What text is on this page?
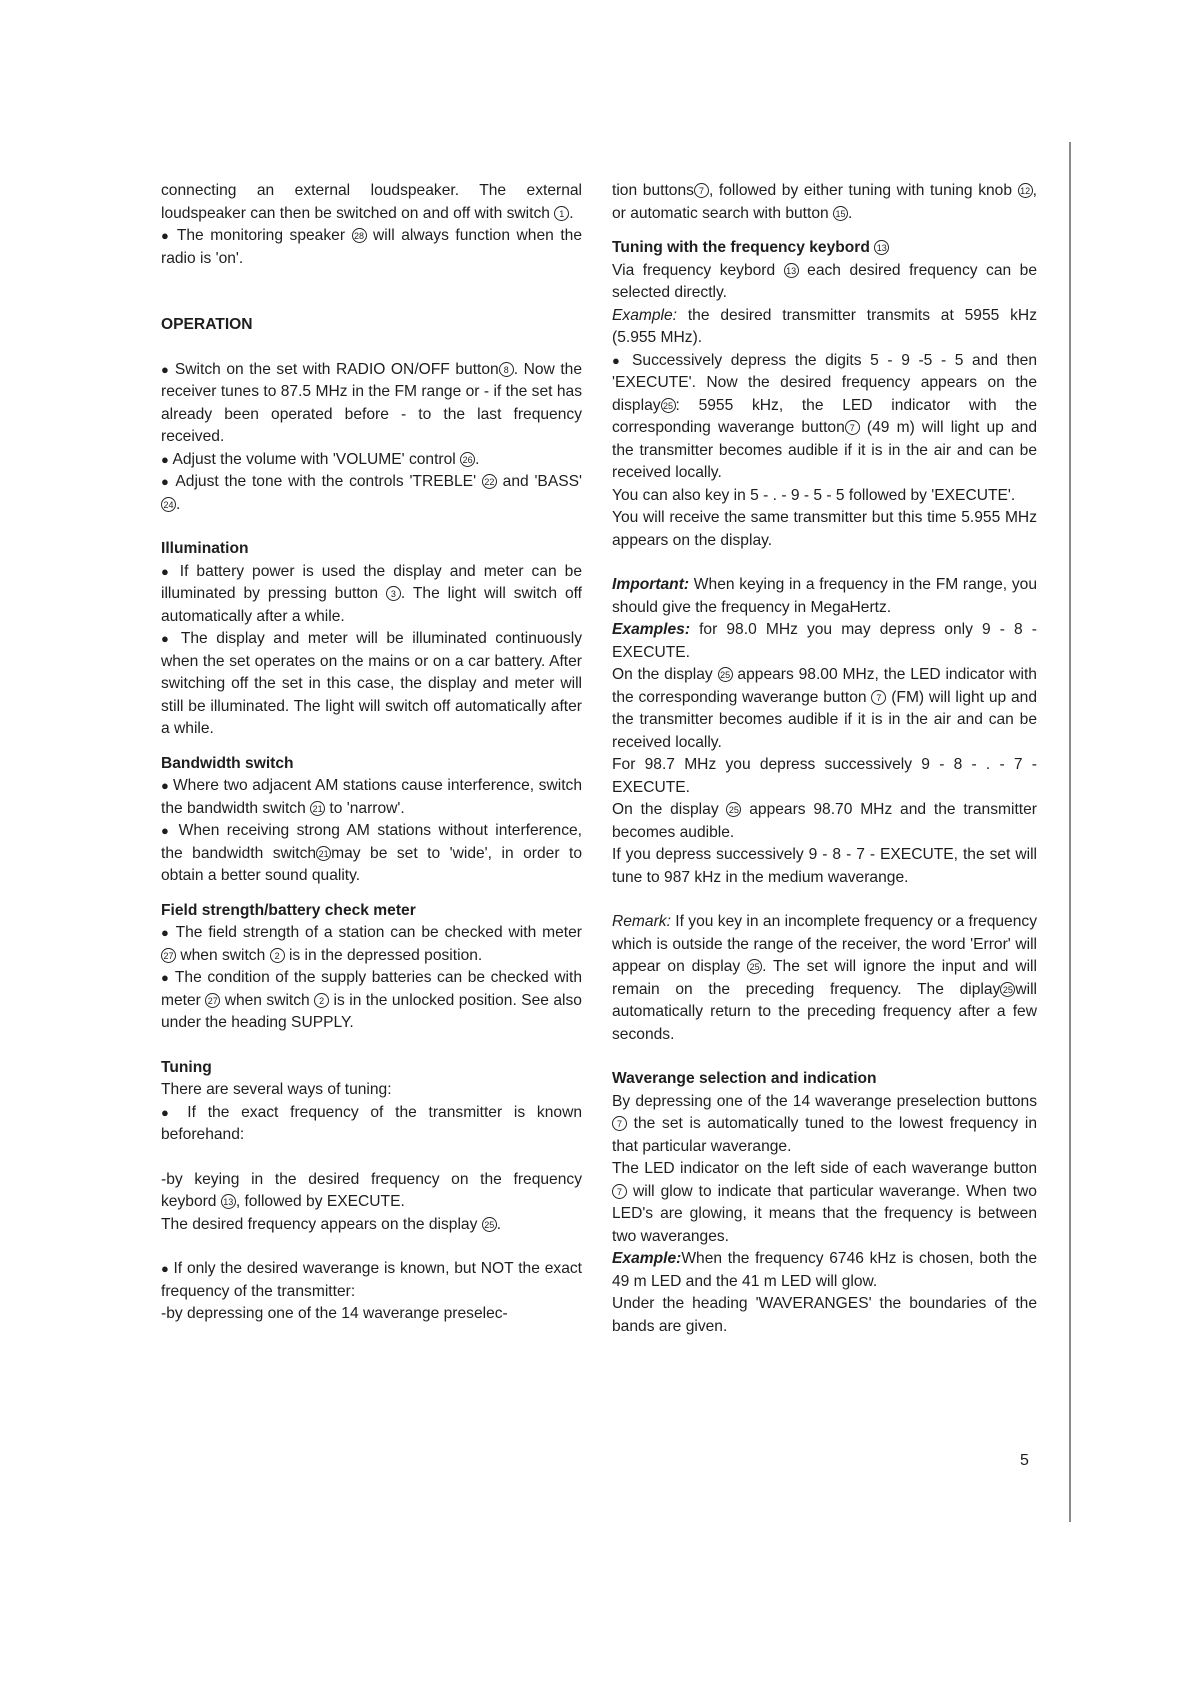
connecting an external loudspeaker. The external loudspeaker can then be switched on and off with switch 1 .

● The monitoring speaker 28 will always function when the radio is 'on'.

OPERATION

● Switch on the set with RADIO ON/OFF button 8 . Now the receiver tunes to 87.5 MHz in the FM range or - if the set has already been operated before - to the last frequency received.

● Adjust the volume with 'VOLUME' control 26 .

● Adjust the tone with the controls 'TREBLE' 22 and 'BASS' 24 .

Illumination

● If battery power is used the display and meter can be illuminated by pressing button 3 . The light will switch off automatically after a while.

● The display and meter will be illuminated continuously when the set operates on the mains or on a car battery. After switching off the set in this case, the display and meter will still be illuminated. The light will switch off automatically after a while.

Bandwidth switch

● Where two adjacent AM stations cause interference, switch the bandwidth switch 21 to 'narrow'.

● When receiving strong AM stations without interference, the bandwidth switch 21 may be set to 'wide', in order to obtain a better sound quality.

Field strength/battery check meter

● The field strength of a station can be checked with meter 27 when switch 2 is in the depressed position.

● The condition of the supply batteries can be checked with meter 27 when switch 2 is in the unlocked position. See also under the heading SUPPLY.

Tuning

There are several ways of tuning:

● If the exact frequency of the transmitter is known beforehand:

-by keying in the desired frequency on the frequency keybord 13 , followed by EXECUTE.

The desired frequency appears on the display 25 .

● If only the desired waverange is known, but NOT the exact frequency of the transmitter:

-by depressing one of the 14 waverange preselec-

tion buttons 7 , followed by either tuning with tuning knob 12 , or automatic search with button 15 .

Tuning with the frequency keybord 13

Via frequency keybord 13 each desired frequency can be selected directly.

Example: the desired transmitter transmits at 5955 kHz (5.955 MHz).

● Successively depress the digits 5 - 9 -5 - 5 and then 'EXECUTE'. Now the desired frequency appears on the display 25 : 5955 kHz, the LED indicator with the corresponding waverange button 7 (49 m) will light up and the transmitter becomes audible if it is in the air and can be received locally.

You can also key in 5 - . - 9 - 5 - 5 followed by 'EXECUTE'.

You will receive the same transmitter but this time 5.955 MHz appears on the display.

Important: When keying in a frequency in the FM range, you should give the frequency in MegaHertz.

Examples: for 98.0 MHz you may depress only 9 - 8 - EXECUTE.

On the display 25 appears 98.00 MHz, the LED indicator with the corresponding waverange button 7 (FM) will light up and the transmitter becomes audible if it is in the air and can be received locally.

For 98.7 MHz you depress successively 9 - 8 - . - 7 - EXECUTE.

On the display 25 appears 98.70 MHz and the transmitter becomes audible.

If you depress successively 9 - 8 - 7 - EXECUTE, the set will tune to 987 kHz in the medium waverange.

Remark: If you key in an incomplete frequency or a frequency which is outside the range of the receiver, the word 'Error' will appear on display 25 . The set will ignore the input and will remain on the preceding frequency. The diplay 25 will automatically return to the preceding frequency after a few seconds.

Waverange selection and indication

By depressing one of the 14 waverange preselection buttons 7 the set is automatically tuned to the lowest frequency in that particular waverange.

The LED indicator on the left side of each waverange button 7 will glow to indicate that particular waverange. When two LED's are glowing, it means that the frequency is between two waveranges.

Example:When the frequency 6746 kHz is chosen, both the 49 m LED and the 41 m LED will glow.

Under the heading 'WAVERANGES' the boundaries of the bands are given.

5
